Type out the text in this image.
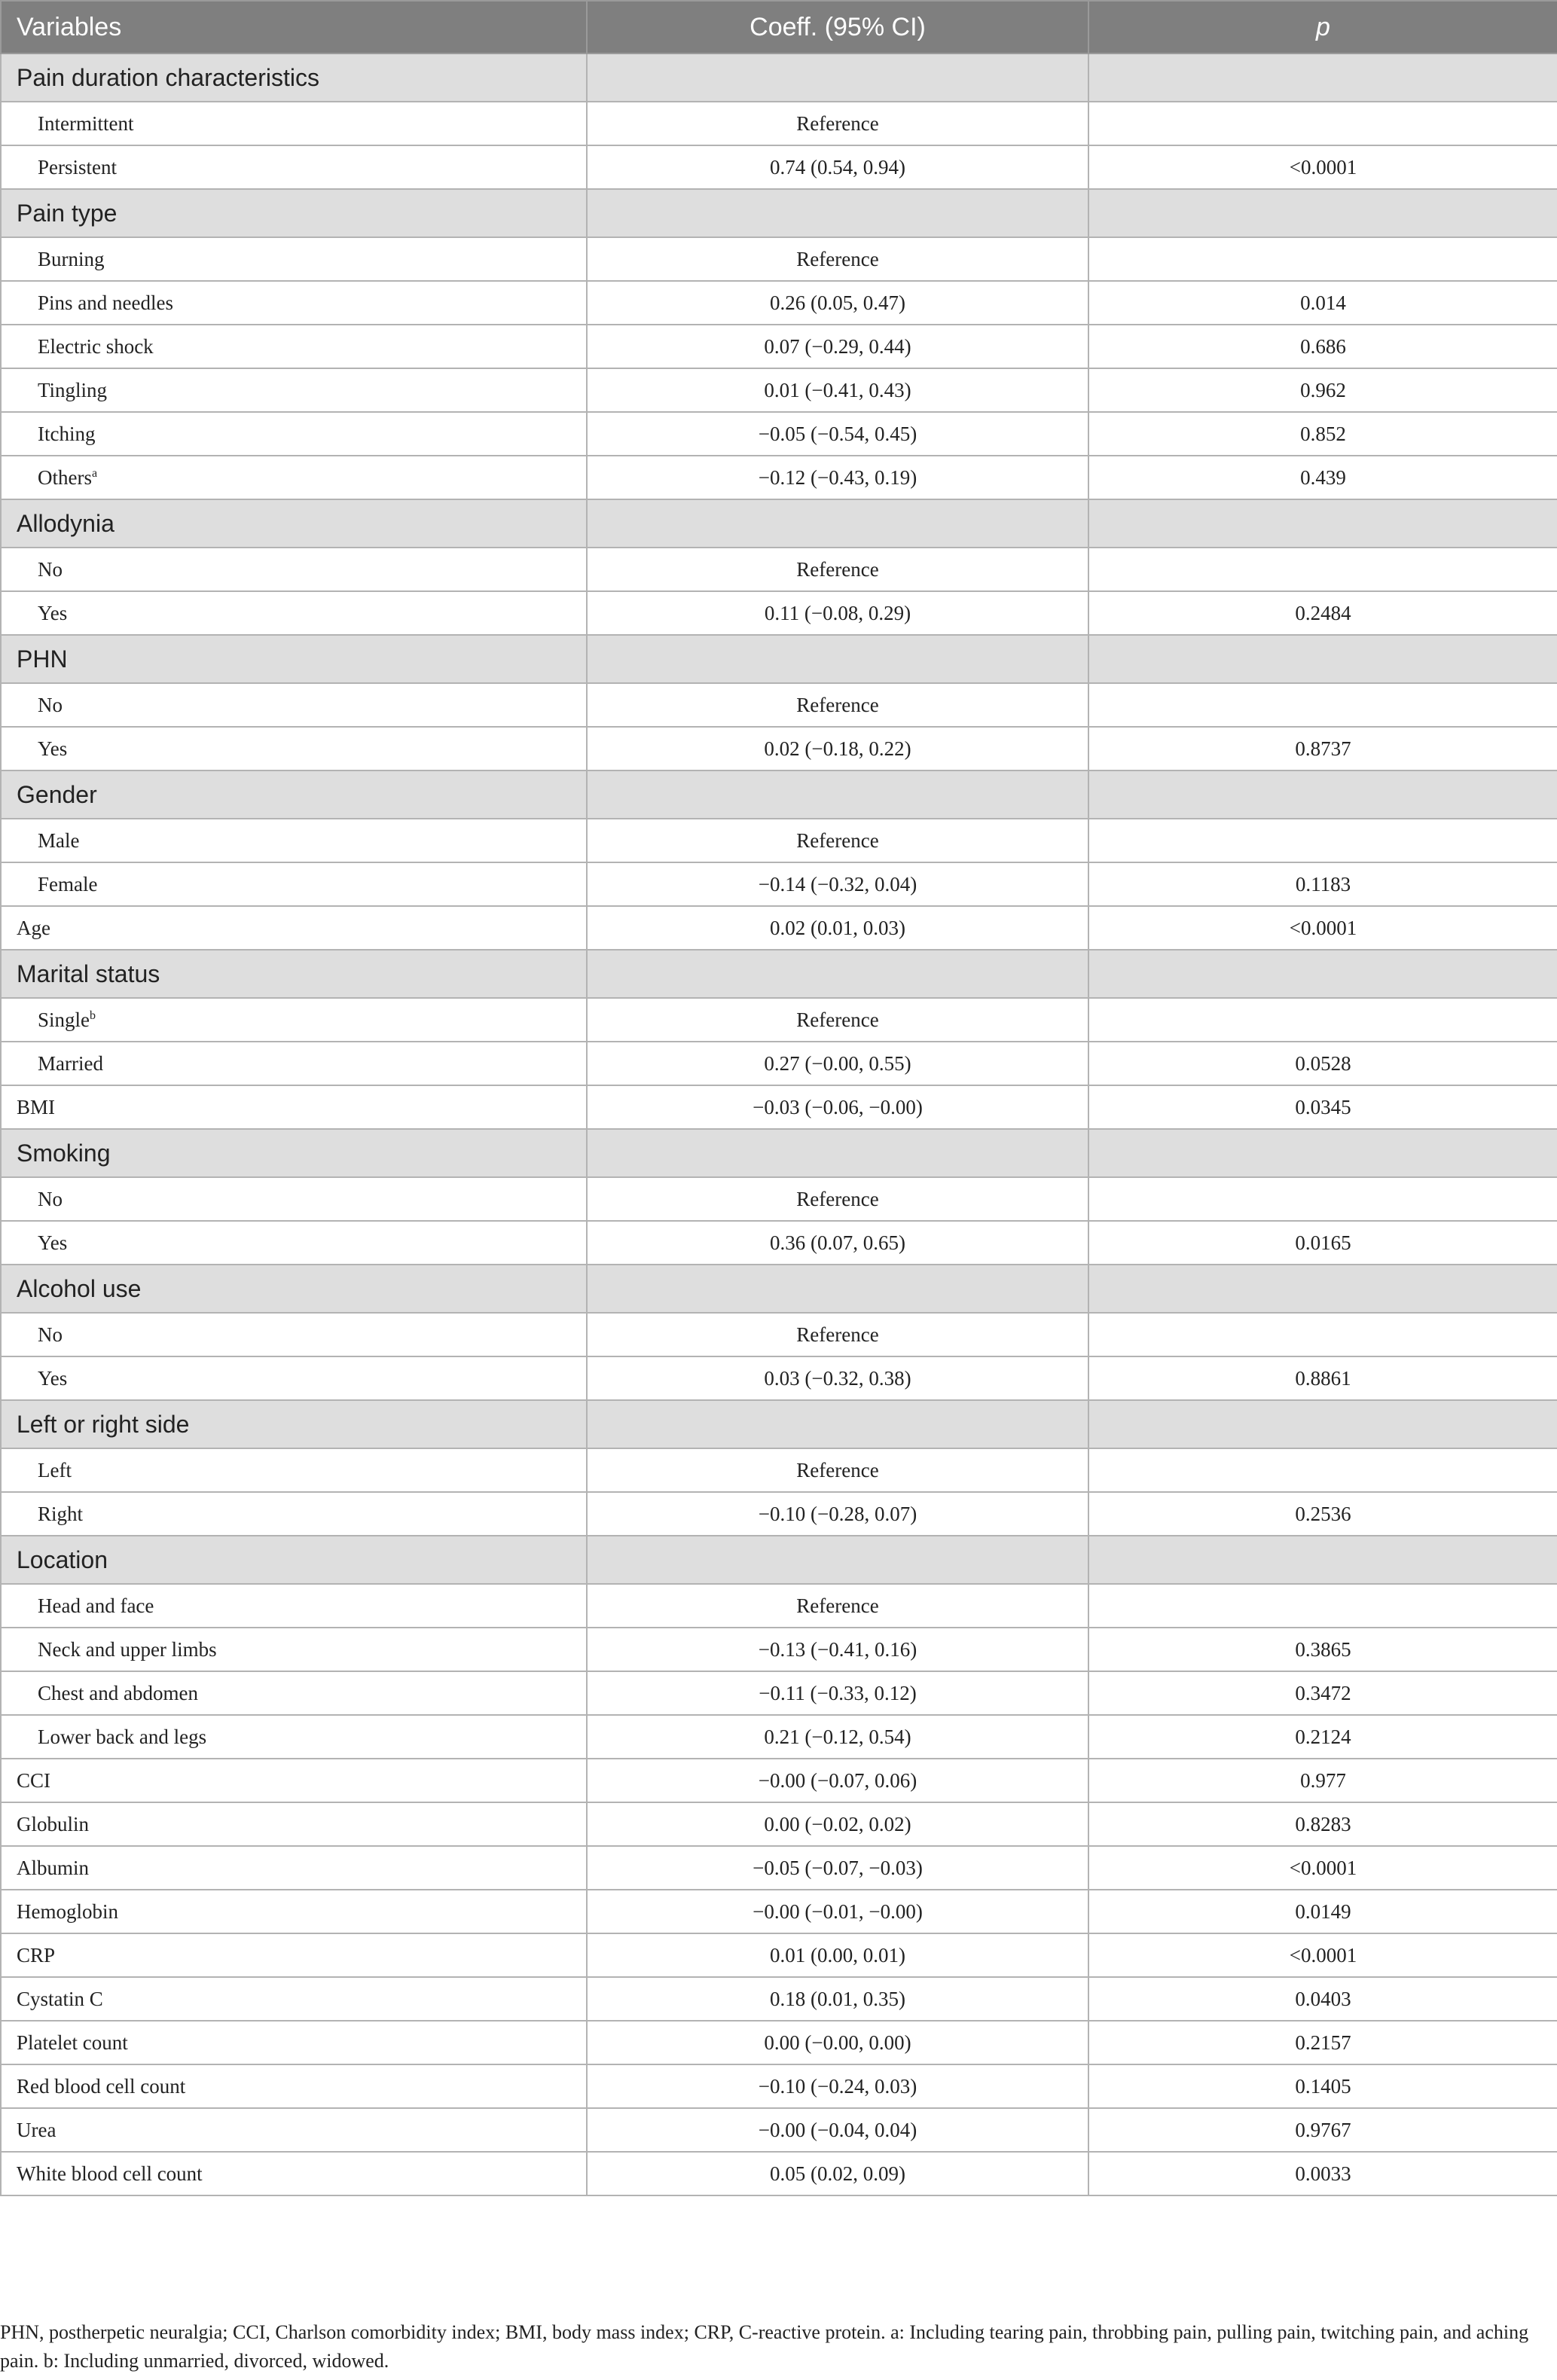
Variables	Coeff. (95% CI)	p
Pain duration characteristics		
Intermittent	Reference	
Persistent	0.74 (0.54, 0.94)	<0.0001
Pain type		
Burning	Reference	
Pins and needles	0.26 (0.05, 0.47)	0.014
Electric shock	0.07 (−0.29, 0.44)	0.686
Tingling	0.01 (−0.41, 0.43)	0.962
Itching	−0.05 (−0.54, 0.45)	0.852
Others$^a$	−0.12 (−0.43, 0.19)	0.439
Allodynia		
No	Reference	
Yes	0.11 (−0.08, 0.29)	0.2484
PHN		
No	Reference	
Yes	0.02 (−0.18, 0.22)	0.8737
Gender		
Male	Reference	
Female	−0.14 (−0.32, 0.04)	0.1183
Age	0.02 (0.01, 0.03)	<0.0001
Marital status		
Single$^b$	Reference	
Married	0.27 (−0.00, 0.55)	0.0528
BMI	−0.03 (−0.06, −0.00)	0.0345
Smoking		
No	Reference	
Yes	0.36 (0.07, 0.65)	0.0165
Alcohol use		
No	Reference	
Yes	0.03 (−0.32, 0.38)	0.8861
Left or right side		
Left	Reference	
Right	−0.10 (−0.28, 0.07)	0.2536
Location		
Head and face	Reference	
Neck and upper limbs	−0.13 (−0.41, 0.16)	0.3865
Chest and abdomen	−0.11 (−0.33, 0.12)	0.3472
Lower back and legs	0.21 (−0.12, 0.54)	0.2124
CCI	−0.00 (−0.07, 0.06)	0.977
Globulin	0.00 (−0.02, 0.02)	0.8283
Albumin	−0.05 (−0.07, −0.03)	<0.0001
Hemoglobin	−0.00 (−0.01, −0.00)	0.0149
CRP	0.01 (0.00, 0.01)	<0.0001
Cystatin C	0.18 (0.01, 0.35)	0.0403
Platelet count	0.00 (−0.00, 0.00)	0.2157
Red blood cell count	−0.10 (−0.24, 0.03)	0.1405
Urea	−0.00 (−0.04, 0.04)	0.9767
White blood cell count	0.05 (0.02, 0.09)	0.0033
PHN, postherpetic neuralgia; CCI, Charlson comorbidity index; BMI, body mass index; CRP, C-reactive protein. a: Including tearing pain, throbbing pain, pulling pain, twitching pain, and aching pain. b: Including unmarried, divorced, widowed.
